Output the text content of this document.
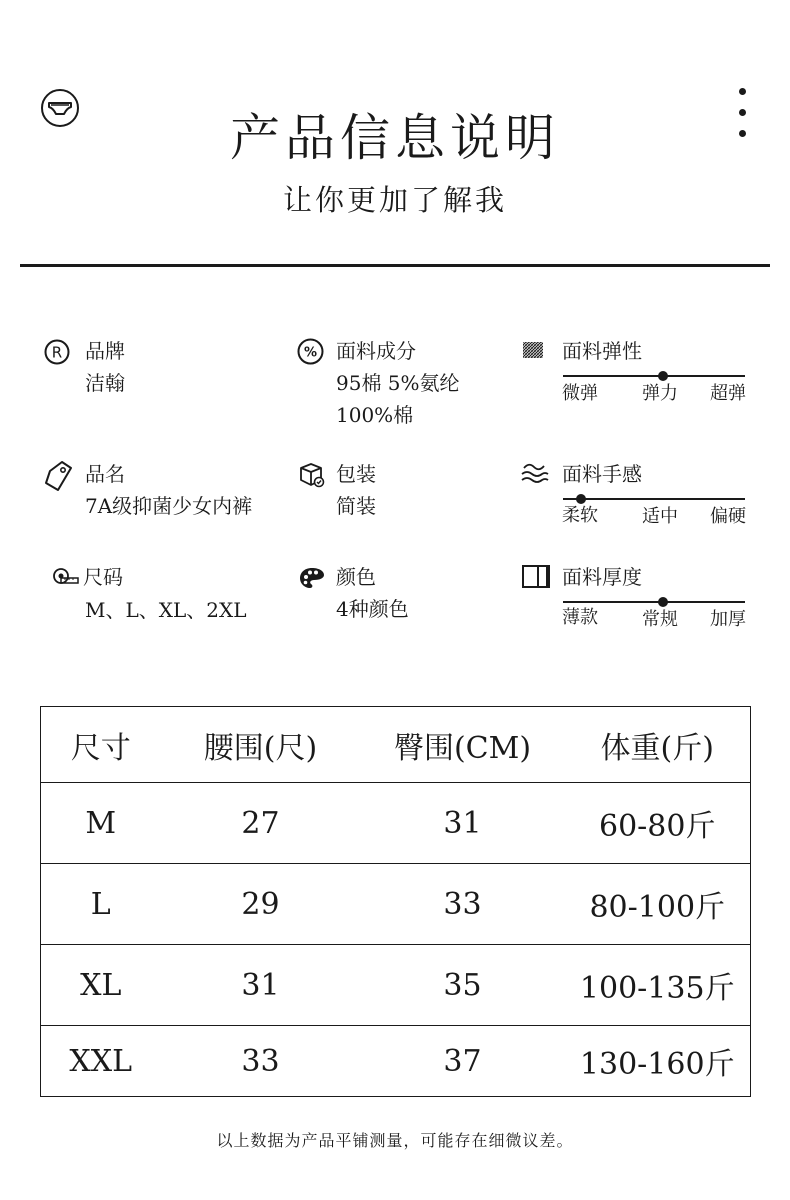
产品信息说明
让你更加了解我
R 品牌
洁翰
品名
7A级抑菌少女内裤
尺码
M、L、XL、2XL
% 面料成分
95棉 5%氨纶
100%棉
包装
简装
颜色
4种颜色
面料弹性
微弹 弹力 超弹
面料手感
柔软 适中 偏硬
面料厚度
薄款 常规 加厚
尺寸	腰围(尺)	臀围(CM)	体重(斤)
M	27	31	60-80斤
L	29	33	80-100斤
XL	31	35	100-135斤
XXL	33	37	130-160斤
以上数据为产品平铺测量，可能存在细微议差。
